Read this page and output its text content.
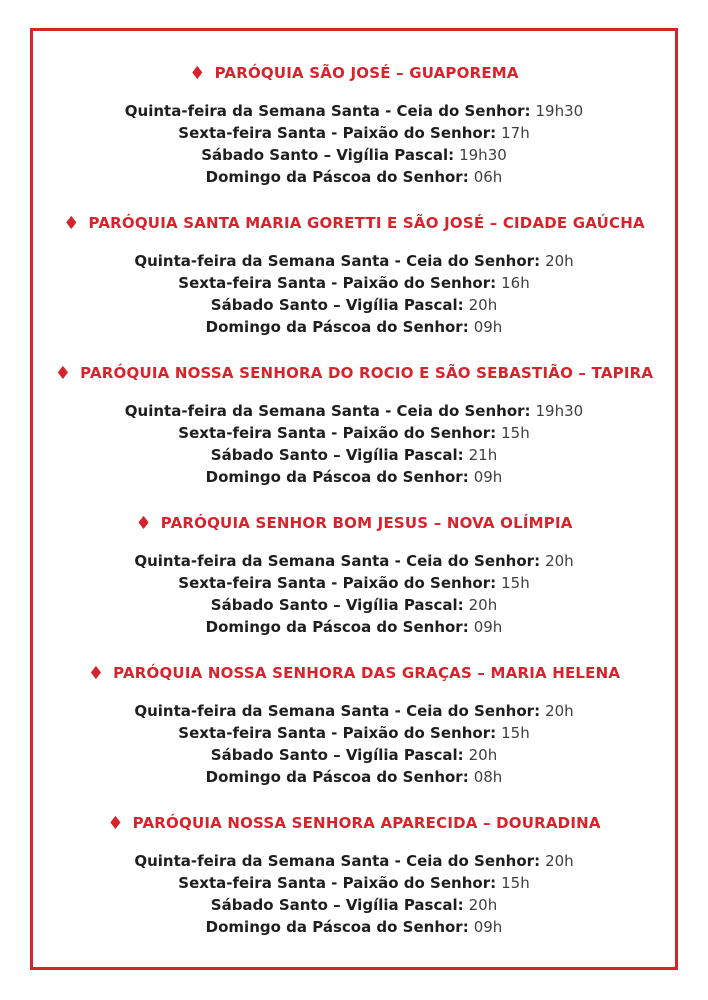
♦ PARÓQUIA SÃO JOSÉ – GUAPOREMA

Quinta-feira da Semana Santa - Ceia do Senhor: 19h30

Sexta-feira Santa - Paixão do Senhor: 17h

Sábado Santo – Vigília Pascal: 19h30

Domingo da Páscoa do Senhor: 06h

♦ PARÓQUIA SANTA MARIA GORETTI E SÃO JOSÉ – CIDADE GAÚCHA

Quinta-feira da Semana Santa - Ceia do Senhor: 20h

Sexta-feira Santa - Paixão do Senhor: 16h

Sábado Santo – Vigília Pascal: 20h

Domingo da Páscoa do Senhor: 09h

♦ PARÓQUIA NOSSA SENHORA DO ROCIO E SÃO SEBASTIÃO – TAPIRA

Quinta-feira da Semana Santa - Ceia do Senhor: 19h30

Sexta-feira Santa - Paixão do Senhor: 15h

Sábado Santo – Vigília Pascal: 21h

Domingo da Páscoa do Senhor: 09h

♦ PARÓQUIA SENHOR BOM JESUS – NOVA OLÍMPIA

Quinta-feira da Semana Santa - Ceia do Senhor: 20h

Sexta-feira Santa - Paixão do Senhor: 15h

Sábado Santo – Vigília Pascal: 20h

Domingo da Páscoa do Senhor: 09h

♦ PARÓQUIA NOSSA SENHORA DAS GRAÇAS – MARIA HELENA

Quinta-feira da Semana Santa - Ceia do Senhor: 20h

Sexta-feira Santa - Paixão do Senhor: 15h

Sábado Santo – Vigília Pascal: 20h

Domingo da Páscoa do Senhor: 08h

♦ PARÓQUIA NOSSA SENHORA APARECIDA – DOURADINA

Quinta-feira da Semana Santa - Ceia do Senhor: 20h

Sexta-feira Santa - Paixão do Senhor: 15h

Sábado Santo – Vigília Pascal: 20h

Domingo da Páscoa do Senhor: 09h
